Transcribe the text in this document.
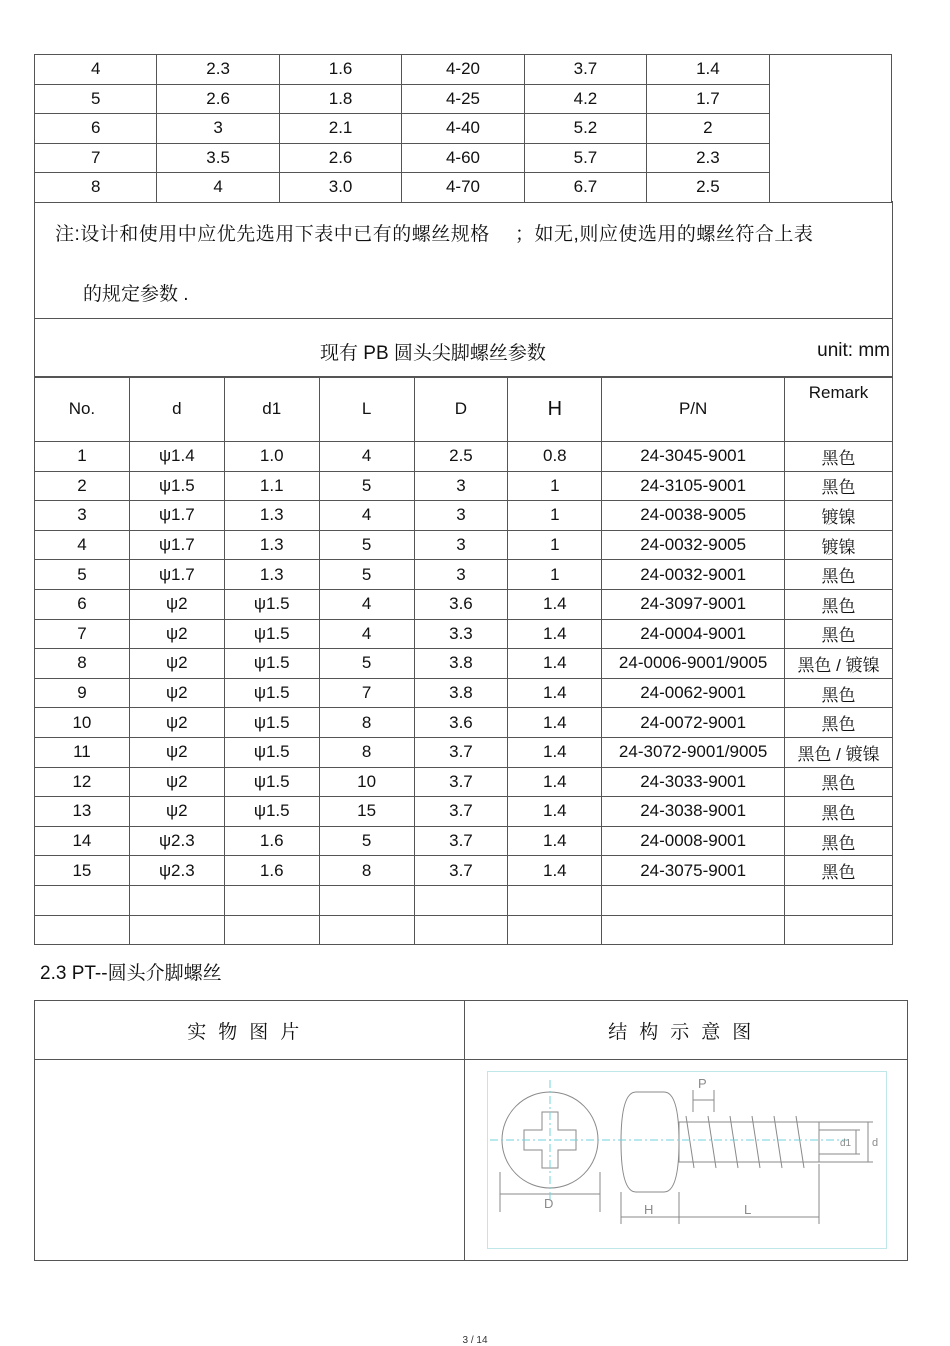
4	2.3	1.6	4-20	3.7	1.4	
5	2.6	1.8	4-25	4.2	1.7	
6	3	2.1	4-40	5.2	2	
7	3.5	2.6	4-60	5.7	2.3	
8	4	3.0	4-70	6.7	2.5	
注:设计和使用中应优先选用下表中已有的螺丝规格　 ；如无,则应使选用的螺丝符合上表
的规定参数 .
现有 PB 圆头尖脚螺丝参数	unit: mm
No.	d	d1	L	D	H	P/N	Remark
1	ψ1.4	1.0	4	2.5	0.8	24-3045-9001	黑色
2	ψ1.5	1.1	5	3	1	24-3105-9001	黑色
3	ψ1.7	1.3	4	3	1	24-0038-9005	镀镍
4	ψ1.7	1.3	5	3	1	24-0032-9005	镀镍
5	ψ1.7	1.3	5	3	1	24-0032-9001	黑色
6	ψ2	ψ1.5	4	3.6	1.4	24-3097-9001	黑色
7	ψ2	ψ1.5	4	3.3	1.4	24-0004-9001	黑色
8	ψ2	ψ1.5	5	3.8	1.4	24-0006-9001/9005	黑色 / 镀镍
9	ψ2	ψ1.5	7	3.8	1.4	24-0062-9001	黑色
10	ψ2	ψ1.5	8	3.6	1.4	24-0072-9001	黑色
11	ψ2	ψ1.5	8	3.7	1.4	24-3072-9001/9005	黑色 / 镀镍
12	ψ2	ψ1.5	10	3.7	1.4	24-3033-9001	黑色
13	ψ2	ψ1.5	15	3.7	1.4	24-3038-9001	黑色
14	ψ2.3	1.6	5	3.7	1.4	24-0008-9001	黑色
15	ψ2.3	1.6	8	3.7	1.4	24-3075-9001	黑色

2.3 PT--圆头介脚螺丝
实物图片	结构示意图

D	H	L
P
d
d1
3 / 14
